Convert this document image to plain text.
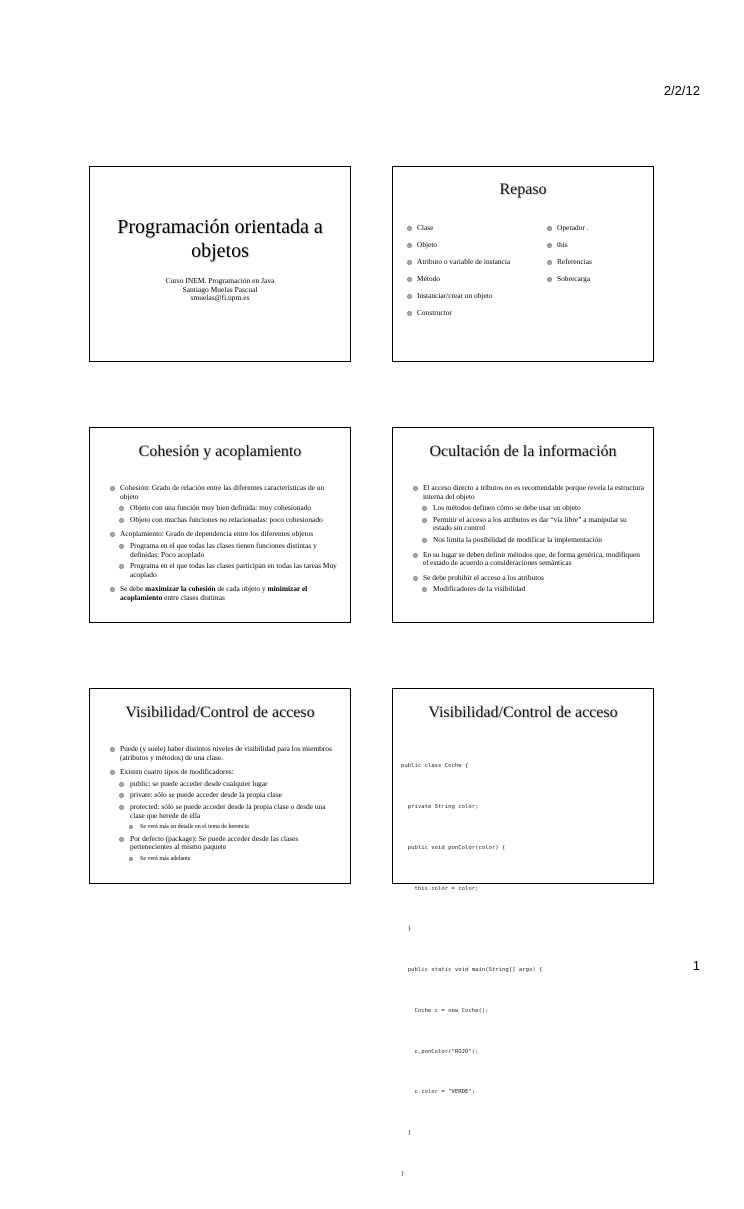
2/2/12
Programación orientada a objetos
Curso INEM. Programación en Java
Santiago Muelas Pascual
smuelas@fi.upm.es
Repaso
Clase
Objeto
Atributo o variable de instancia
Método
Instanciar/crear un objeto
Constructor
Operador .
this
Referencias
Sobrecarga
Cohesión y acoplamiento
Cohesión: Grado de relación entre las diferentes características de un objeto
Objeto con una función muy bien definida: muy cohesionado
Objeto con muchas funciones no relacionadas: poco cohesionado
Acoplamiento: Grado de dependencia entre los diferentes objetos
Programa en el que todas las clases tienen funciones distintas y definidas: Poco acoplado
Programa en el que todas las clases participan en todas las tareas Muy acoplado
Se debe maximizar la cohesión de cada objeto y minimizar el acoplamiento entre clases distintas
Ocultación de la información
El acceso directo a tributos no es recomendable porque revela la estructura interna del objeto
Los métodos definen cómo se debe usar un objeto
Permitir el acceso a los atributos es dar “vía libre” a manipular su estado sin control
Nos limita la posibilidad de modificar la implementación
En su lugar se deben definir métodos que, de forma genérica, modifiquen el estado de acuerdo a consideraciones semánticas
Se debe prohibir el acceso a los atributos
Modificadores de la visibilidad
Visibilidad/Control de acceso
Puede (y suele) haber distintos niveles de visibilidad para los miembros (atributos y métodos) de una clase.
Existen cuatro tipos de modificadores:
public: se puede acceder desde cualquier lugar
private: sólo se puede acceder desde la propia clase
protected: sólo se puede acceder desde la propia clase o desde una clase que herede de ella
Se verá más en detalle en el tema de herencia
Por defecto (package): Se puede acceder desde las clases pertenecientes al mismo paquete
Se verá más adelante
Visibilidad/Control de acceso

public class Coche {

private String color;

public void ponColor(color) {

this.color = color;

}

public static void main(String[] args) {

Coche c = new Coche();

c.ponColor("ROJO");

c.color = "VERDE";

}

}

1
